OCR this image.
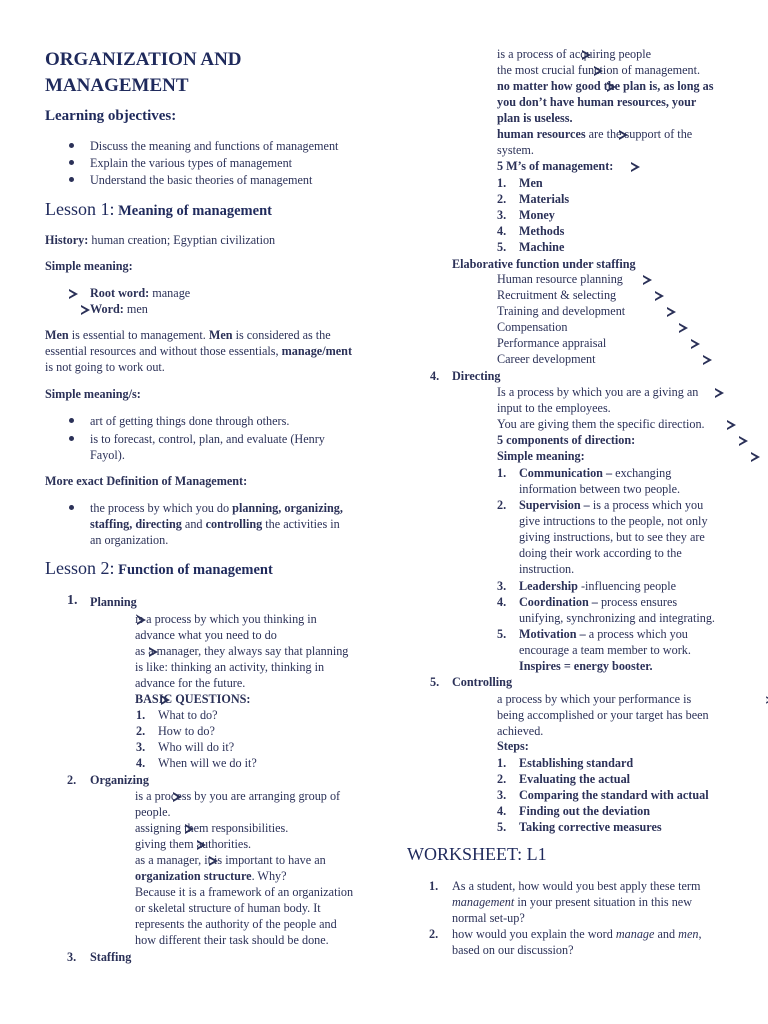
ORGANIZATION AND
MANAGEMENT
Learning objectives:
Discuss the meaning and functions of management
Explain the various types of management
Understand the basic theories of management
Lesson 1: Meaning of management
History: human creation; Egyptian civilization
Simple meaning:

Root word: manage

Word: men
Men is essential to management. Men is considered as the
essential resources and without those essentials, manage/ment
is not going to work out.
Simple meaning/s:
art of getting things done through others.
is to forecast, control, plan, and evaluate (Henry
Fayol).
More exact Definition of Management:
the process by which you do planning, organizing,
staffing, directing and controlling the activities in
an organization.
Lesson 2: Function of management
1. Planning

is a process by which you thinking in
advance what you need to do

as a manager, they always say that planning
is like: thinking an activity, thinking in
advance for the future.

BASIC QUESTIONS:
1. What to do?
2. How to do?
3. Who will do it?
4. When will we do it?
2. Organizing

is a process by you are arranging group of
people.

assigning them responsibilities.

giving them authorities.

as a manager, it is important to have an
organization structure. Why?
Because it is a framework of an organization
or skeletal structure of human body. It
represents the authority of the people and
how different their task should be done.
3. Staffing

is a process of acquiring people

the most crucial function of management.

no matter how good the plan is, as long as
you don’t have human resources, your
plan is useless.

human resources are the support of the
system.

5 M’s of management:
1. Men
2. Materials
3. Money
4. Methods
5. Machine
Elaborative function under staffing

Human resource planning

Recruitment & selecting

Training and development

Compensation

Performance appraisal

Career development
4. Directing

Is a process by which you are a giving an
input to the employees.

You are giving them the specific direction.

5 components of direction:

Simple meaning:
1. Communication – exchanging
information between two people.
2. Supervision – is a process which you
give intructions to the people, not only
giving instructions, but to see they are
doing their work according to the
instruction.
3. Leadership -influencing people
4. Coordination – process ensures
unifying, synchronizing and integrating.
5. Motivation – a process which you
encourage a team member to work.
Inspires = energy booster.
5. Controlling

a process by which your performance is
being accomplished or your target has been
achieved.
Steps:
1. Establishing standard
2. Evaluating the actual
3. Comparing the standard with actual
4. Finding out the deviation
5. Taking corrective measures
WORKSHEET: L1
1. As a student, how would you best apply these term
management in your present situation in this new
normal set-up?
2. how would you explain the word manage and men,
based on our discussion?
